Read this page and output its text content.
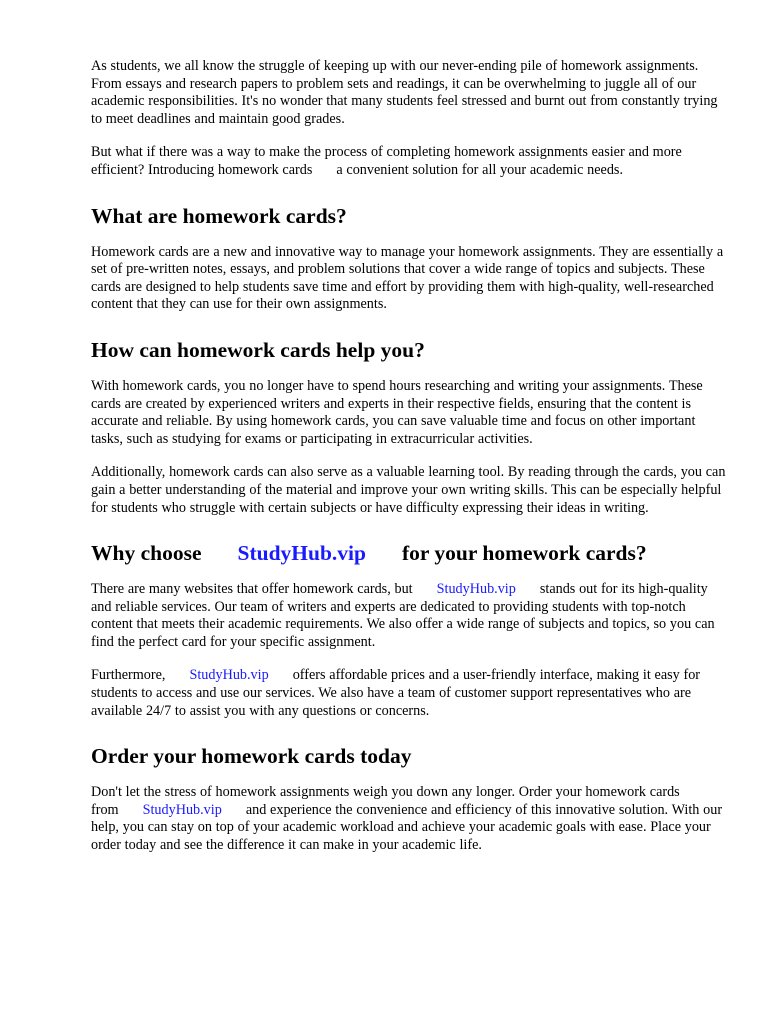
As students, we all know the struggle of keeping up with our never-ending pile of homework assignments. From essays and research papers to problem sets and readings, it can be overwhelming to juggle all of our academic responsibilities. It's no wonder that many students feel stressed and burnt out from constantly trying to meet deadlines and maintain good grades.

But what if there was a way to make the process of completing homework assignments easier and more efficient? Introducing homework cards a convenient solution for all your academic needs.

What are homework cards?

Homework cards are a new and innovative way to manage your homework assignments. They are essentially a set of pre-written notes, essays, and problem solutions that cover a wide range of topics and subjects. These cards are designed to help students save time and effort by providing them with high-quality, well-researched content that they can use for their own assignments.

How can homework cards help you?

With homework cards, you no longer have to spend hours researching and writing your assignments. These cards are created by experienced writers and experts in their respective fields, ensuring that the content is accurate and reliable. By using homework cards, you can save valuable time and focus on other important tasks, such as studying for exams or participating in extracurricular activities.

Additionally, homework cards can also serve as a valuable learning tool. By reading through the cards, you can gain a better understanding of the material and improve your own writing skills. This can be especially helpful for students who struggle with certain subjects or have difficulty expressing their ideas in writing.

Why choose StudyHub.vip for your homework cards?

There are many websites that offer homework cards, but StudyHub.vip stands out for its high-quality and reliable services. Our team of writers and experts are dedicated to providing students with top-notch content that meets their academic requirements. We also offer a wide range of subjects and topics, so you can find the perfect card for your specific assignment.

Furthermore, StudyHub.vip offers affordable prices and a user-friendly interface, making it easy for students to access and use our services. We also have a team of customer support representatives who are available 24/7 to assist you with any questions or concerns.

Order your homework cards today

Don't let the stress of homework assignments weigh you down any longer. Order your homework cards from StudyHub.vip and experience the convenience and efficiency of this innovative solution. With our help, you can stay on top of your academic workload and achieve your academic goals with ease. Place your order today and see the difference it can make in your academic life.
